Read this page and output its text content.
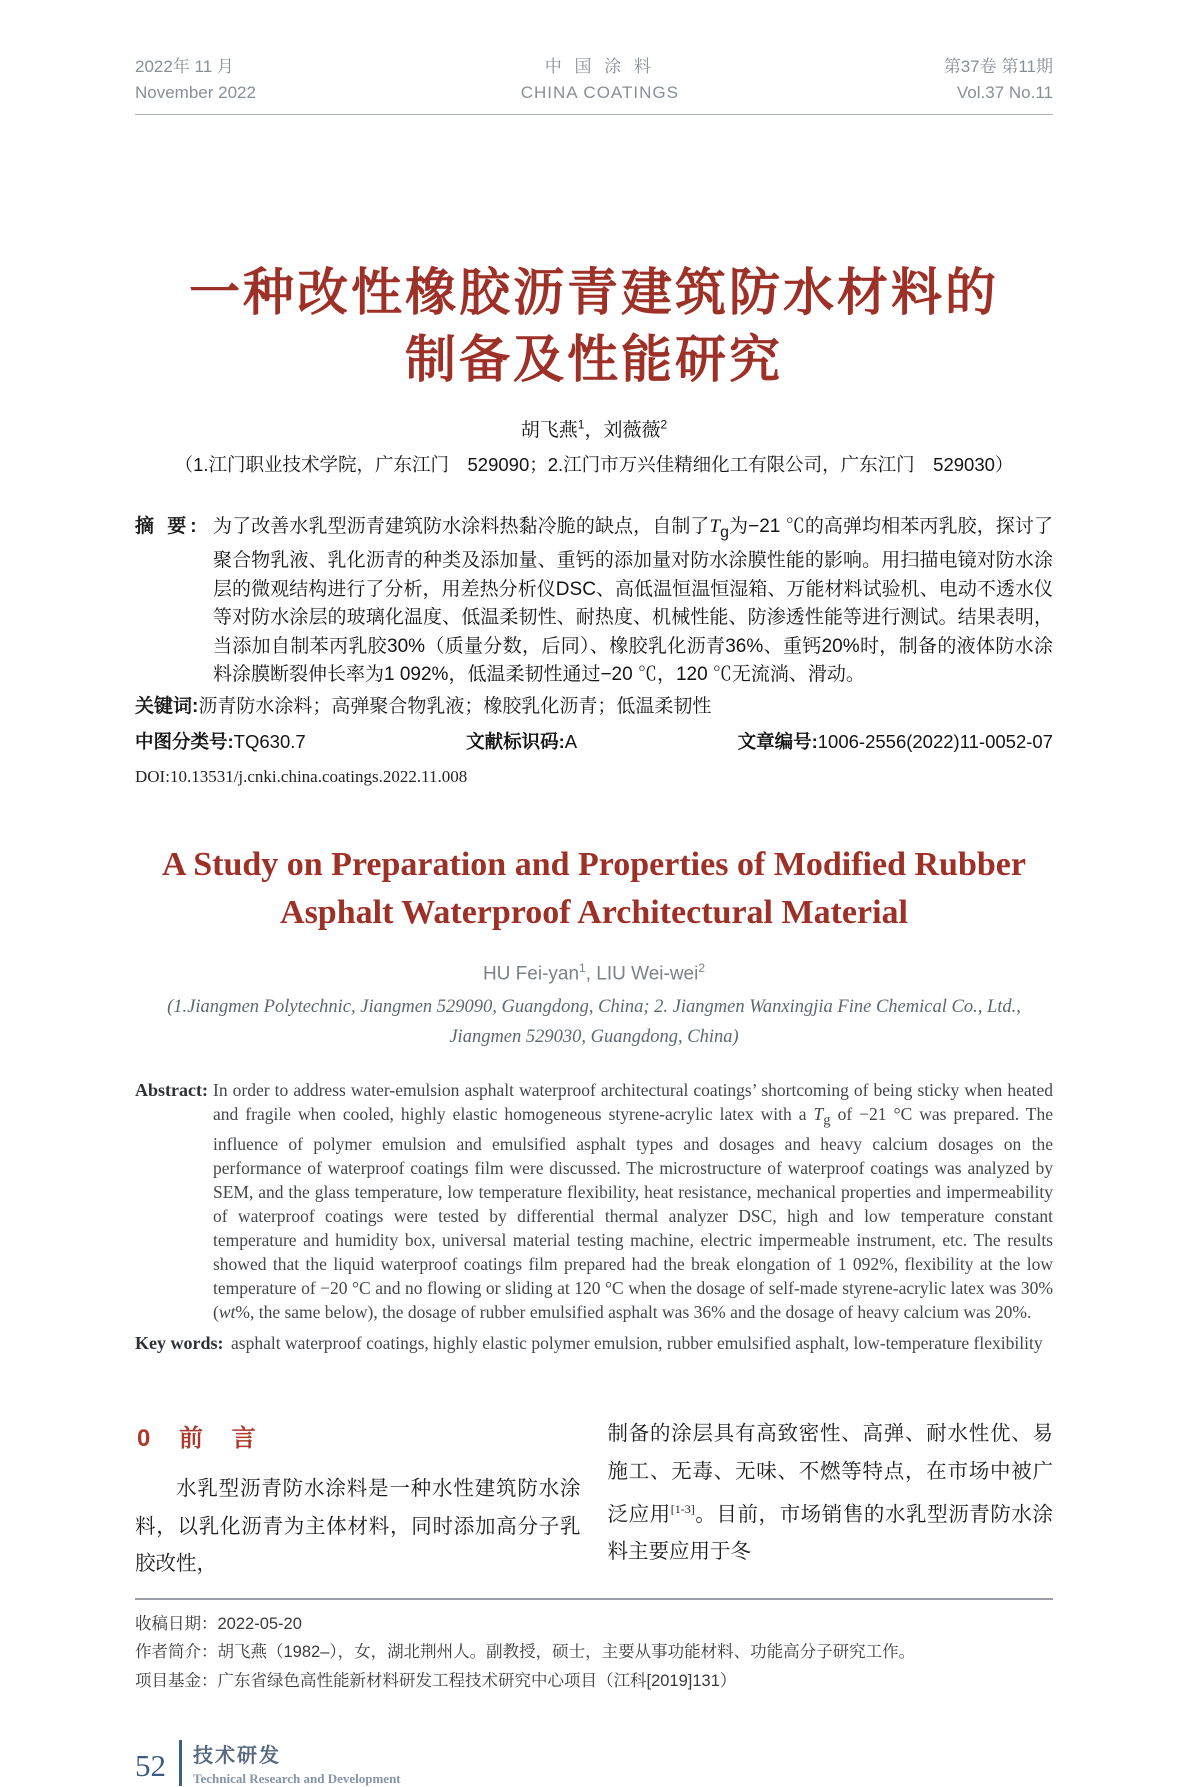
2022年 11 月
November 2022
中 国 涂 料
CHINA COATINGS
第37卷 第11期
Vol.37 No.11
一种改性橡胶沥青建筑防水材料的
制备及性能研究
胡飞燕$^1$，刘薇薇$^2$
（1.江门职业技术学院，广东江门　529090；2.江门市万兴佳精细化工有限公司，广东江门　529030）
摘 要: 为了改善水乳型沥青建筑防水涂料热黏冷脆的缺点，自制了$T_g$为−21 ℃的高弹均相苯丙乳胶，探讨了聚合物乳液、乳化沥青的种类及添加量、重钙的添加量对防水涂膜性能的影响。用扫描电镜对防水涂层的微观结构进行了分析，用差热分析仪DSC、高低温恒温恒湿箱、万能材料试验机、电动不透水仪等对防水涂层的玻璃化温度、低温柔韧性、耐热度、机械性能、防渗透性能等进行测试。结果表明，当添加自制苯丙乳胶30%（质量分数，后同）、橡胶乳化沥青36%、重钙20%时，制备的液体防水涂料涂膜断裂伸长率为1 092%，低温柔韧性通过−20 ℃，120 ℃无流淌、滑动。
关键词: 沥青防水涂料；高弹聚合物乳液；橡胶乳化沥青；低温柔韧性
中图分类号:TQ630.7	文献标识码:A	文章编号:1006-2556(2022)11-0052-07
DOI:10.13531/j.cnki.china.coatings.2022.11.008
A Study on Preparation and Properties of Modified Rubber
Asphalt Waterproof Architectural Material
HU Fei-yan$^1$, LIU Wei-wei$^2$
(1.Jiangmen Polytechnic, Jiangmen 529090, Guangdong, China; 2. Jiangmen Wanxingjia Fine Chemical Co., Ltd., Jiangmen 529030, Guangdong, China)
Abstract: In order to address water-emulsion asphalt waterproof architectural coatings’ shortcoming of being sticky when heated and fragile when cooled, highly elastic homogeneous styrene-acrylic latex with a $T_g$ of −21 °C was prepared. The influence of polymer emulsion and emulsified asphalt types and dosages and heavy calcium dosages on the performance of waterproof coatings film were discussed. The microstructure of waterproof coatings was analyzed by SEM, and the glass temperature, low temperature flexibility, heat resistance, mechanical properties and impermeability of waterproof coatings were tested by differential thermal analyzer DSC, high and low temperature constant temperature and humidity box, universal material testing machine, electric impermeable instrument, etc. The results showed that the liquid waterproof coatings film prepared had the break elongation of 1 092%, flexibility at the low temperature of −20 °C and no flowing or sliding at 120 °C when the dosage of self-made styrene-acrylic latex was 30% (wt%, the same below), the dosage of rubber emulsified asphalt was 36% and the dosage of heavy calcium was 20%.
Key words: asphalt waterproof coatings, highly elastic polymer emulsion, rubber emulsified asphalt, low-temperature flexibility
0 前 言

水乳型沥青防水涂料是一种水性建筑防水涂料，以乳化沥青为主体材料，同时添加高分子乳胶改性，

制备的涂层具有高致密性、高弹、耐水性优、易施工、无毒、无味、不燃等特点，在市场中被广泛应用[1-3]。目前，市场销售的水乳型沥青防水涂料主要应用于冬

收稿日期：2022-05-20
作者简介：胡飞燕（1982–），女，湖北荆州人。副教授，硕士，主要从事功能材料、功能高分子研究工作。
项目基金：广东省绿色高性能新材料研发工程技术研究中心项目（江科[2019]131）
52	技术研发
Technical Research and Development
